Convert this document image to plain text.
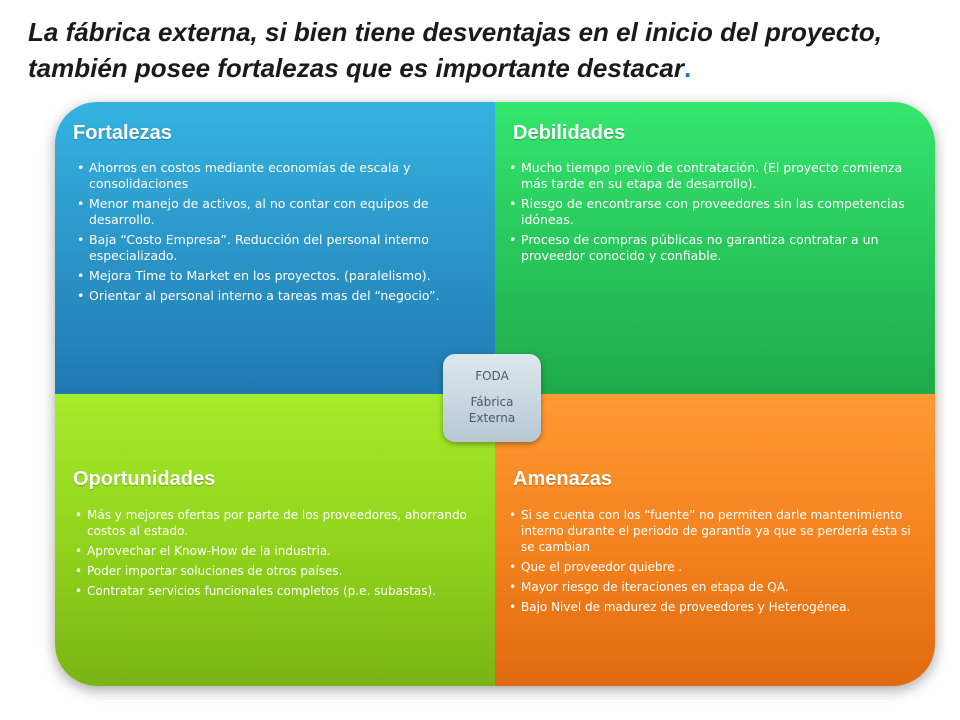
La fábrica externa, si bien tiene desventajas en el inicio del proyecto, también posee fortalezas que es importante destacar.
Fortalezas
• Ahorros en costos mediante economías de escala y consolidaciones
• Menor manejo de activos, al no contar con equipos de desarrollo.
• Baja “Costo Empresa”. Reducción del personal interno especializado.
• Mejora Time to Market en los proyectos. (paralelismo).
• Orientar al personal interno a tareas mas del “negocio”.
Debilidades
• Mucho tiempo previo de contratación. (El proyecto comienza más tarde en su etapa de desarrollo).
• Riesgo de encontrarse con proveedores sin las competencias idóneas.
• Proceso de compras públicas no garantiza contratar a un proveedor conocido y confiable.
Oportunidades
• Más y mejores ofertas por parte de los proveedores, ahorrando costos al estado.
• Aprovechar el Know-How de la industria.
• Poder importar soluciones de otros países.
• Contratar servicios funcionales completos (p.e. subastas).
Amenazas
• Si se cuenta con los “fuente” no permiten darle mantenimiento interno durante el periodo de garantía ya que se perdería ésta si se cambian
• Que el proveedor quiebre .
• Mayor riesgo de iteraciones en etapa de QA.
• Bajo Nivel de madurez de proveedores y Heterogénea.
FODA
Fábrica Externa
